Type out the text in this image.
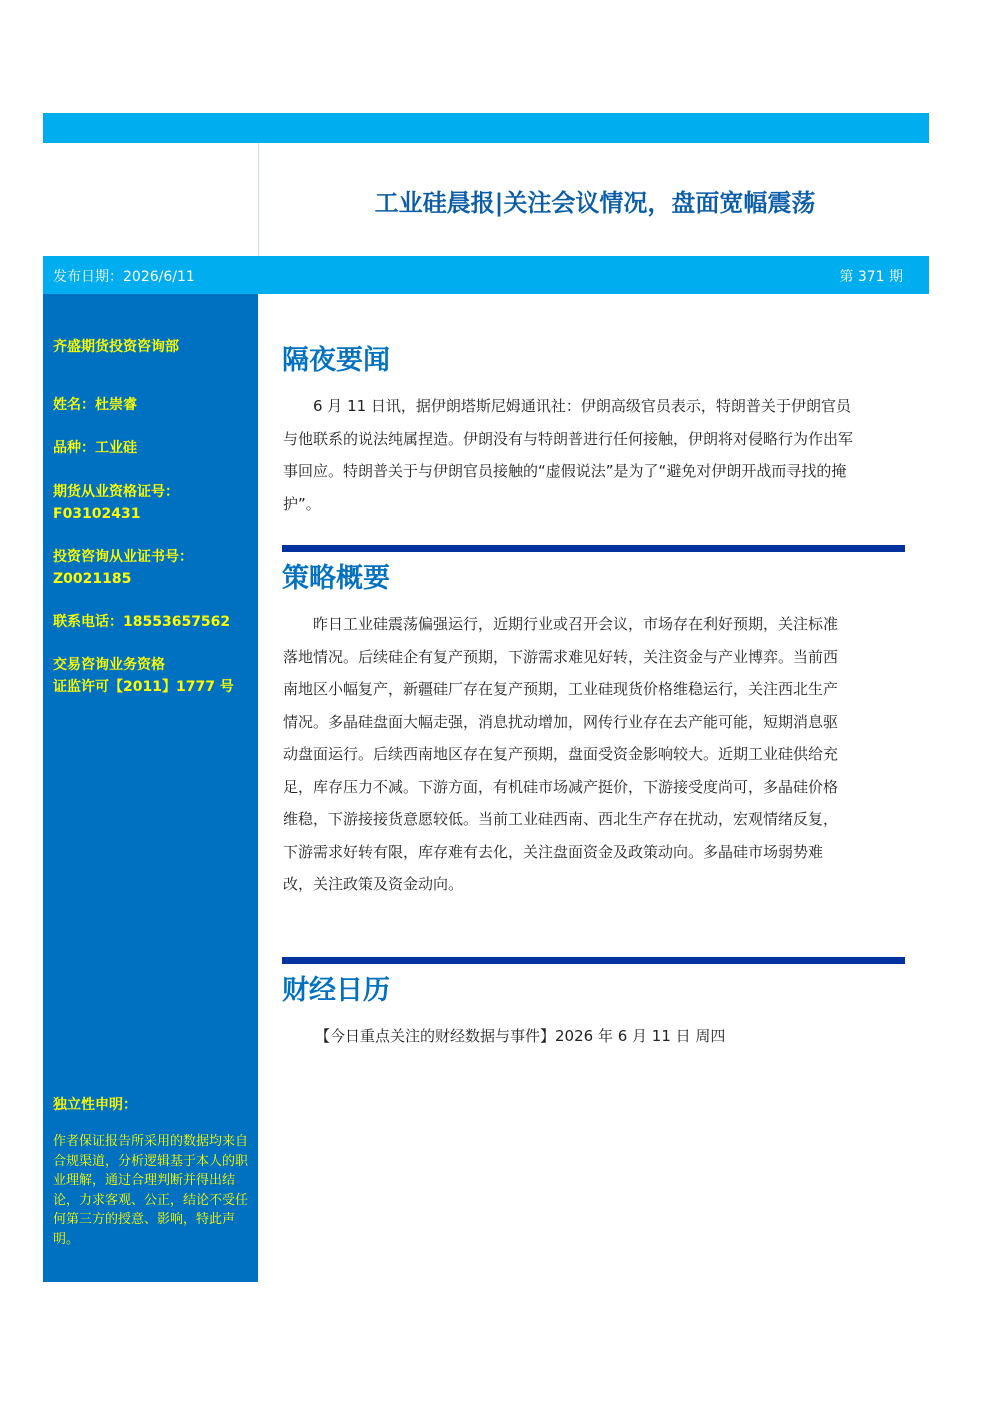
工业硅晨报|关注会议情况，盘面宽幅震荡
发布日期：2026/6/11	第 371 期
齐盛期货投资咨询部
姓名：杜崇睿
品种：工业硅
期货从业资格证号：
F03102431
投资咨询从业证书号：
Z0021185
联系电话：18553657562
交易咨询业务资格
证监许可【2011】1777 号
独立性申明：
作者保证报告所采用的数据均来自合规渠道，分析逻辑基于本人的职业理解，通过合理判断并得出结论，力求客观、公正，结论不受任何第三方的授意、影响，特此声明。
隔夜要闻

6 月 11 日讯，据伊朗塔斯尼姆通讯社：伊朗高级官员表示，特朗普关于伊朗官员与他联系的说法纯属捏造。伊朗没有与特朗普进行任何接触，伊朗将对侵略行为作出军事回应。特朗普关于与伊朗官员接触的“虚假说法”是为了“避免对伊朗开战而寻找的掩护”。

策略概要

昨日工业硅震荡偏强运行，近期行业或召开会议，市场存在利好预期，关注标准落地情况。后续硅企有复产预期，下游需求难见好转，关注资金与产业博弈。当前西南地区小幅复产，新疆硅厂存在复产预期，工业硅现货价格维稳运行，关注西北生产情况。多晶硅盘面大幅走强，消息扰动增加，网传行业存在去产能可能，短期消息驱动盘面运行。后续西南地区存在复产预期，盘面受资金影响较大。近期工业硅供给充足，库存压力不减。下游方面，有机硅市场减产挺价，下游接受度尚可，多晶硅价格维稳，下游接接货意愿较低。当前工业硅西南、西北生产存在扰动，宏观情绪反复，下游需求好转有限，库存难有去化，关注盘面资金及政策动向。多晶硅市场弱势难改，关注政策及资金动向。

财经日历
【今日重点关注的财经数据与事件】2026 年 6 月 11 日 周四
